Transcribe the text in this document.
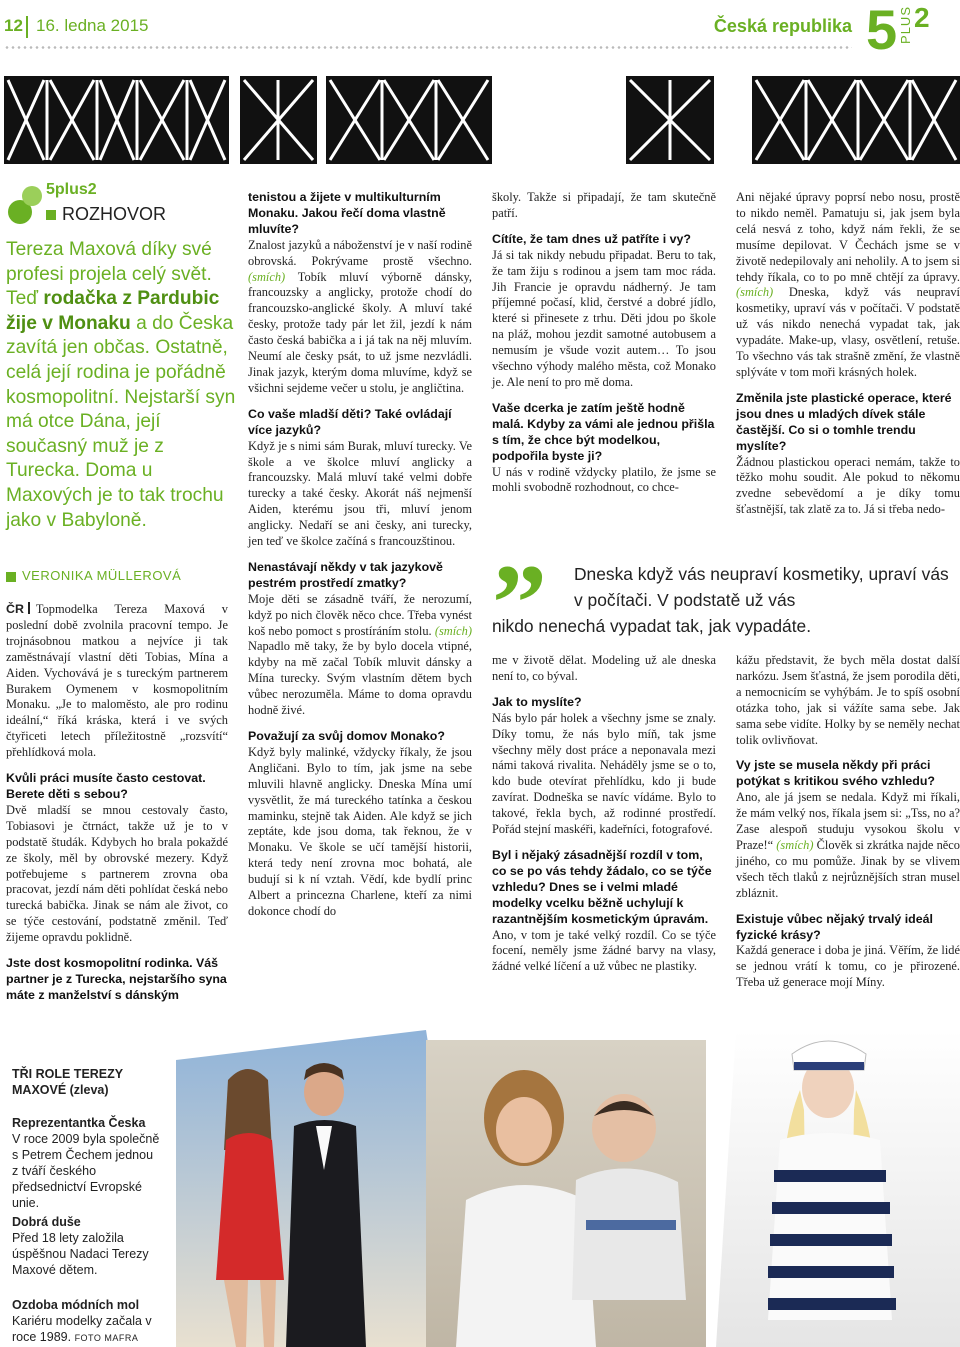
12 16. ledna 2015	Česká republika 5 PLUS 2
5plus2
ROZHOVOR
Tereza Maxová díky své profesi projela celý svět. Teď rodačka z Pardubic žije v Monaku a do Česka zavítá jen občas. Ostatně, celá její rodina je pořádně kosmopolitní. Nejstarší syn má otce Dána, její současný muž je z Turecka. Doma u Maxových je to tak trochu jako v Babyloně.
VERONIKA MÜLLEROVÁ

ČR Topmodelka Tereza Maxová v poslední době zvolnila pracovní tempo. Je trojnásobnou matkou a nejvíce ji tak zaměstnávají vlastní děti Tobias, Mína a Aiden. Vychovává je s tureckým partnerem Burakem Oymenem v kosmopolitním Monaku. „Je to maloměsto, ale pro rodinu ideální,“ říká kráska, která i ve svých čtyřiceti letech příležitostně „rozsvítí“ přehlídková mola.

Kvůli práci musíte často cestovat. Berete děti s sebou?

Dvě mladší se mnou cestovaly často, Tobiasovi je čtrnáct, takže už je to v podstatě študák. Kdybych ho brala pokaždé ze školy, měl by obrovské mezery. Když potřebujeme s partnerem zrovna oba pracovat, jezdí nám děti pohlídat česká nebo turecká babička. Jinak se nám ale život, co se týče cestování, podstatně změnil. Teď žijeme opravdu poklidně.

Jste dost kosmopolitní rodinka. Váš partner je z Turecka, nejstaršího syna máte z manželství s dánským

tenistou a žijete v multikulturním Monaku. Jakou řečí doma vlastně mluvíte?

Znalost jazyků a náboženství je v naší rodině obrovská. Pokrývame prostě všechno. (smích) Tobík mluví výborně dánsky, francouzsky a anglicky, protože chodí do francouzsko-anglické školy. A mluví také česky, protože tady pár let žil, jezdí k nám často česká babička a i já tak na něj mluvím. Neumí ale česky psát, to už jsme nezvládli. Jinak jazyk, kterým doma mluvíme, když se všichni sejdeme večer u stolu, je angličtina.

Co vaše mladší děti? Také ovládají více jazyků?

Když je s nimi sám Burak, mluví turecky. Ve škole a ve školce mluví anglicky a francouzsky. Malá mluví také velmi dobře turecky a také česky. Akorát náš nejmenší Aiden, kterému jsou tři, mluví jenom anglicky. Nedaří se ani česky, ani turecky, jen teď ve školce začíná s francouzštinou.

Nenastávají někdy v tak jazykově pestrém prostředí zmatky?

Moje děti se zásadně tváří, že nerozumí, když po nich člověk něco chce. Třeba vynést koš nebo pomoct s prostíráním stolu. (smích) Napadlo mě taky, že by bylo docela vtipné, kdyby na mě začal Tobík mluvit dánsky a Mína turecky. Svým vlastním dětem bych vůbec nerozuměla. Máme to doma opravdu hodně živé.

Považují za svůj domov Monako?

Když byly malinké, vždycky říkaly, že jsou Angličani. Bylo to tím, jak jsme na sebe mluvili hlavně anglicky. Dneska Mína umí vysvětlit, že má tureckého tatínka a českou maminku, stejně tak Aiden. Ale když se jich zeptáte, kde jsou doma, tak řeknou, že v Monaku. Ve škole se učí tamější historii, která tedy není zrovna moc bohatá, ale budují si k ní vztah. Vědí, kde bydlí princ Albert a princezna Charlene, kteří za nimi dokonce chodí do

školy. Takže si připadají, že tam skutečně patří.

Cítíte, že tam dnes už patříte i vy?

Já si tak nikdy nebudu připadat. Beru to tak, že tam žiju s rodinou a jsem tam moc ráda. Jih Francie je opravdu nádherný. Je tam příjemné počasí, klid, čerstvé a dobré jídlo, které si přinesete z trhu. Děti jdou po škole na pláž, mohou jezdit samotné autobusem a nemusím je všude vozit autem… To jsou všechno výhody malého města, což Monako je. Ale není to pro mě doma.

Vaše dcerka je zatím ještě hodně malá. Kdyby za vámi ale jednou přišla s tím, že chce být modelkou, podpořila byste ji?

U nás v rodině vždycky platilo, že jsme se mohli svobodně rozhodnout, co chce-

Ani nějaké úpravy poprsí nebo nosu, prostě to nikdo neměl. Pamatuju si, jak jsem byla celá nesvá z toho, když nám řekli, že se musíme depilovat. V Čechách jsme se v životě nedepilovaly ani neholily. A to jsem si tehdy říkala, co to po mně chtějí za úpravy. (smích) Dneska, když vás neupraví kosmetiky, upraví vás v počítači. V podstatě už vás nikdo nenechá vypadat tak, jak vypadáte. Make-up, vlasy, osvětlení, retuše. To všechno vás tak strašně změní, že vlastně splýváte v tom moři krásných holek.

Změnila jste plastické operace, které jsou dnes u mladých dívek stále častější. Co si o tomhle trendu myslíte?

Žádnou plastickou operaci nemám, takže to těžko mohu soudit. Ale pokud to někomu zvedne sebevědomí a je díky tomu šťastnější, tak zlatě za to. Já si třeba nedo-

”	Dneska když vás neupraví kosmetiky, upraví vás v počítači. V podstatě už vás
nikdo nenechá vypadat tak, jak vypadáte.

me v životě dělat. Modeling už ale dneska není to, co býval.

Jak to myslíte?

Nás bylo pár holek a všechny jsme se znaly. Díky tomu, že nás bylo míň, tak jsme všechny měly dost práce a neponavala mezi námi taková rivalita. Neháděly jsme se o to, kdo bude otevírat přehlídku, kdo ji bude zavírat. Dodneška se navíc vídáme. Bylo to takové, řekla bych, až rodinné prostředí. Pořád stejní maskéři, kadeřníci, fotografové.

Byl i nějaký zásadnější rozdíl v tom, co se po vás tehdy žádalo, co se týče vzhledu? Dnes se i velmi mladé modelky vcelku běžně uchylují k razantnějším kosmetickým úpravám.

Ano, v tom je také velký rozdíl. Co se týče focení, neměly jsme žádné barvy na vlasy, žádné velké líčení a už vůbec ne plastiky.

kážu představit, že bych měla dostat další narkózu. Jsem šťastná, že jsem porodila děti, a nemocnicím se vyhýbám. Je to spíš osobní otázka toho, jak si vážíte sama sebe. Jak sama sebe vidíte. Holky by se neměly nechat tolik ovlivňovat.

Vy jste se musela někdy při práci potýkat s kritikou svého vzhledu?

Ano, ale já jsem se nedala. Když mi říkali, že mám velký nos, říkala jsem si: „Tss, no a? Zase alespoň studuju vysokou školu v Praze!“ (smích) Člověk si zkrátka najde něco jiného, co mu pomůže. Jinak by se vlivem všech těch tlaků z nejrůznějších stran musel zbláznit.

Existuje vůbec nějaký trvalý ideál fyzické krásy?

Každá generace i doba je jiná. Věřím, že lidé se jednou vrátí k tomu, co je přirozené. Třeba už generace mojí Míny.

TŘI ROLE TEREZY MAXOVÉ (zleva)
Reprezentantka Česka
V roce 2009 byla společně s Petrem Čechem jednou z tváří českého předsednictví Evropské unie.
Dobrá duše
Před 18 lety založila úspěšnou Nadaci Terezy Maxové dětem.
Ozdoba módních mol
Kariéru modelky začala v roce 1989. FOTO MAFRA
